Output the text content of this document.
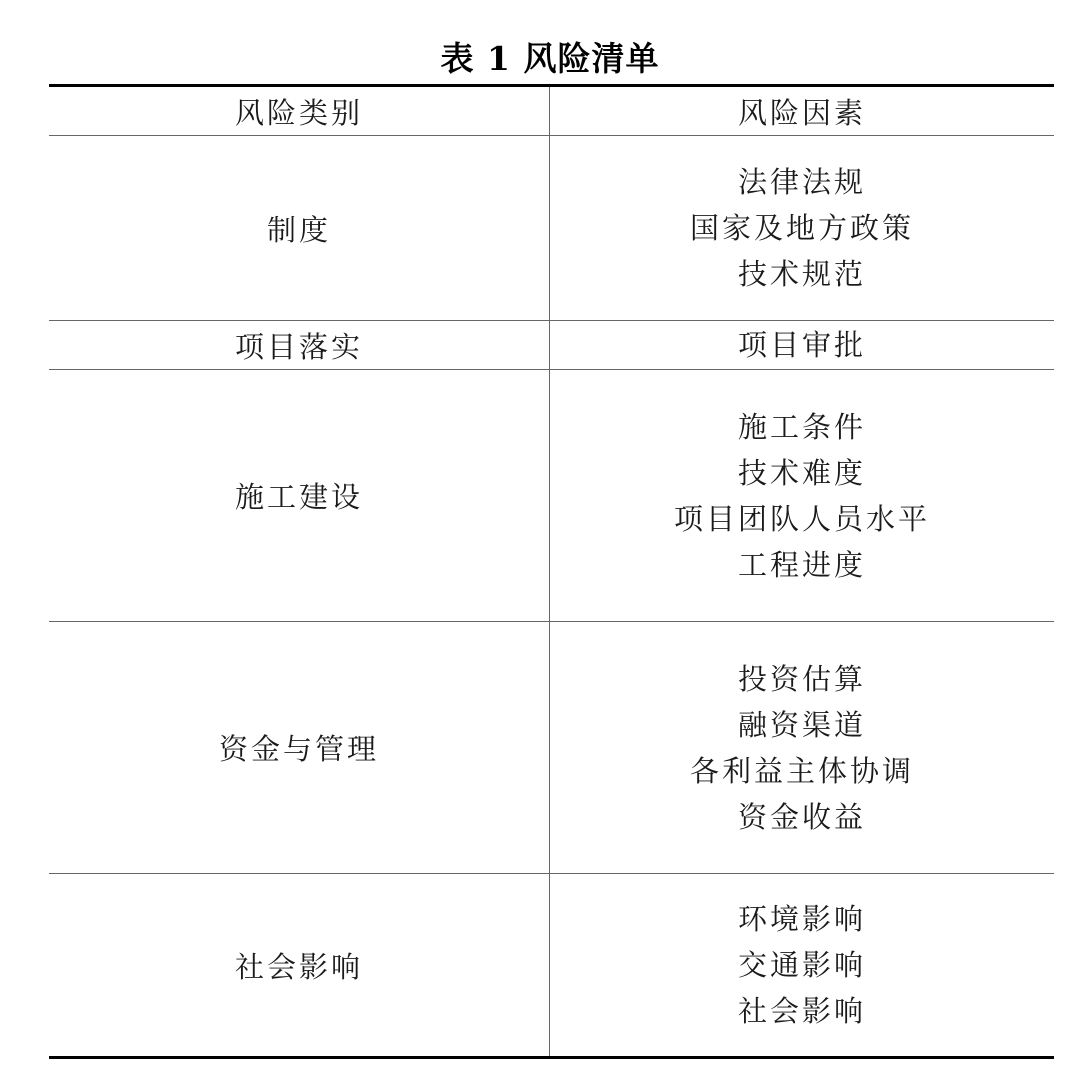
表 1 风险清单
风险类别	风险因素
制度	法律法规
国家及地方政策
技术规范

项目落实	项目审批

施工建设	施工条件
技术难度
项目团队人员水平
工程进度

资金与管理	投资估算
融资渠道
各利益主体协调
资金收益

社会影响	环境影响
交通影响
社会影响
